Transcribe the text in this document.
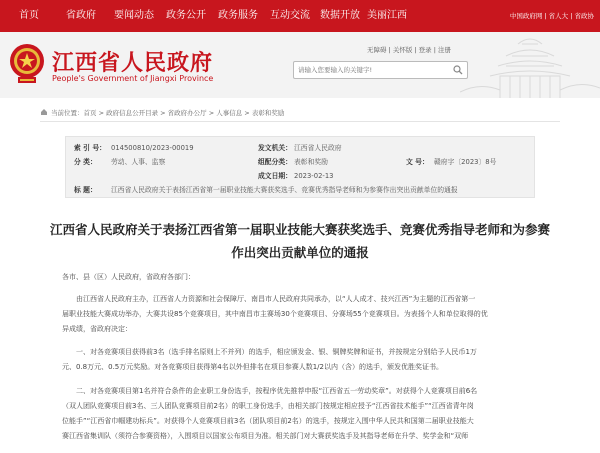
首页	省政府 要闻动态 政务公开 政务服务 互动交流 数据开放 美丽江西	中国政府网 | 省人大 | 省政协
江西省人民政府
People's Government of Jiangxi Province
无障碍 | 关怀版 | 登录 | 注册
请输入您要输入的关键字!
当前位置：首页 > 政府信息公开目录 > 省政府办公厅 > 人事信息 > 表彰和奖励
索 引 号： 014500810/2023-00019	发文机关： 江西省人民政府
分 类： 劳动、人事、监察	组配分类： 表彰和奖励	文 号： 赣府字〔2023〕8号
成文日期： 2023-02-13
标 题： 江西省人民政府关于表扬江西省第一届职业技能大赛获奖选手、竞赛优秀指导老师和为参赛作出突出贡献单位的通报
江西省人民政府关于表扬江西省第一届职业技能大赛获奖选手、竞赛优秀指导老师和为参赛
作出突出贡献单位的通报
各市、县（区）人民政府，省政府各部门：
由江西省人民政府主办，江西省人力资源和社会保障厅、南昌市人民政府共同承办，以“人人成才、技兴江西”为主题的江西省第一
届职业技能大赛成功举办，大赛共设85个竞赛项目，其中南昌市主赛场30个竞赛项目、分赛场55个竞赛项目。为表扬个人和单位取得的优
异成绩，省政府决定：
一、对各竞赛项目获得前3名（选手排名原则上不并列）的选手，相应颁发金、银、铜牌奖牌和证书，并按规定分别给予人民币1万
元、0.8万元、0.5万元奖励。对各竞赛项目获得第4名以外但排名在项目参赛人数1/2以内（含）的选手，颁发优胜奖证书。
二、对各竞赛项目第1名并符合条件的企业职工身份选手，按程序优先推荐申报“江西省五一劳动奖章”。对获得个人竞赛项目前6名
（双人团队竞赛项目前3名、三人团队竞赛项目前2名）的职工身份选手，由相关部门按规定相应授予“江西省技术能手”“江西省青年岗
位能手”“江西省巾帼建功标兵”。对获得个人竞赛项目前3名（团队项目前2名）的选手，按规定入围中华人民共和国第二届职业技能大
赛江西省集训队（须符合参赛资格），入围项目以国家公布项目为准。相关部门对大赛获奖选手及其指导老师在升学、奖学金和“双师
